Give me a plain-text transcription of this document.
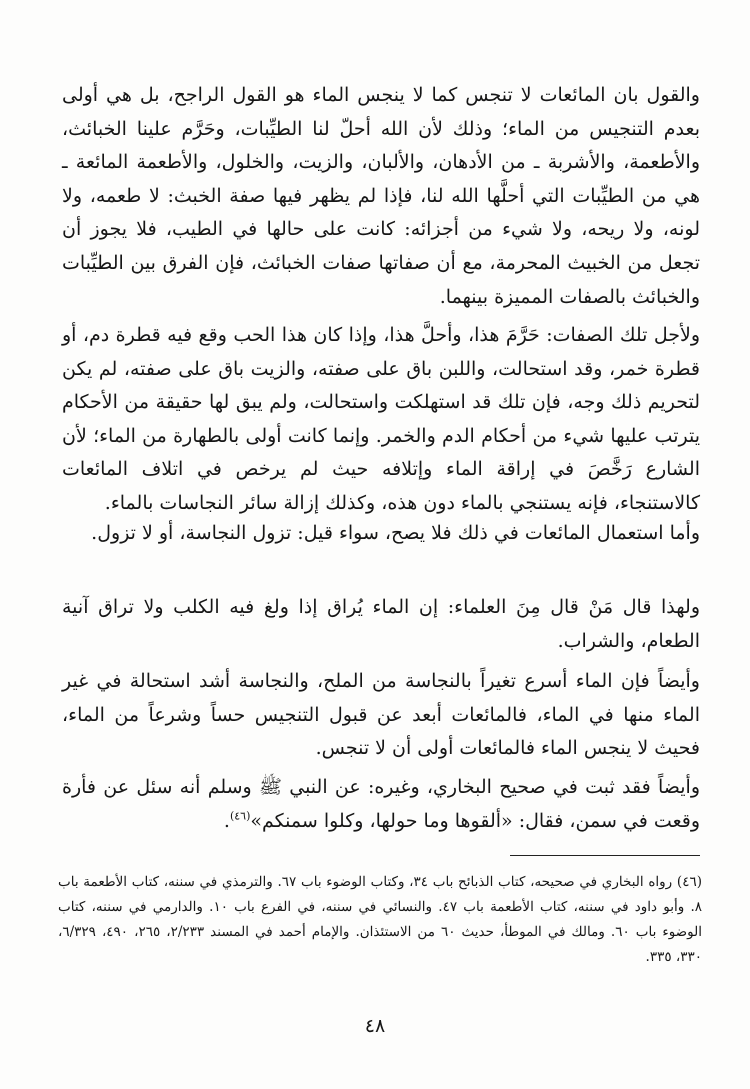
والقول بان المائعات لا تنجس كما لا ينجس الماء هو القول الراجح، بل هي أولى بعدم التنجيس من الماء؛ وذلك لأن الله أحلّ لنا الطيِّبات، وحَرَّم علينا الخبائث، والأطعمة، والأشربة ـ من الأدهان، والألبان، والزيت، والخلول، والأطعمة المائعة ـ هي من الطيِّبات التي أحلَّها الله لنا، فإذا لم يظهر فيها صفة الخبث: لا طعمه، ولا لونه، ولا ريحه، ولا شيء من أجزائه: كانت على حالها في الطيب، فلا يجوز أن تجعل من الخبيث المحرمة، مع أن صفاتها صفات الخبائث، فإن الفرق بين الطيِّبات والخبائث بالصفات المميزة بينهما.

ولأجل تلك الصفات: حَرَّمَ هذا، وأحلَّ هذا، وإذا كان هذا الحب وقع فيه قطرة دم، أو قطرة خمر، وقد استحالت، واللبن باق على صفته، والزيت باق على صفته، لم يكن لتحريم ذلك وجه، فإن تلك قد استهلكت واستحالت، ولم يبق لها حقيقة من الأحكام يترتب عليها شيء من أحكام الدم والخمر. وإنما كانت أولى بالطهارة من الماء؛ لأن الشارع رَخَّصَ في إراقة الماء وإتلافه حيث لم يرخص في اتلاف المائعات كالاستنجاء، فإنه يستنجي بالماء دون هذه، وكذلك إزالة سائر النجاسات بالماء.

وأما استعمال المائعات في ذلك فلا يصح، سواء قيل: تزول النجاسة، أو لا تزول.

ولهذا قال مَنْ قال مِنَ العلماء: إن الماء يُراق إذا ولغ فيه الكلب ولا تراق آنية الطعام، والشراب.

وأيضاً فإن الماء أسرع تغيراً بالنجاسة من الملح، والنجاسة أشد استحالة في غير الماء منها في الماء، فالمائعات أبعد عن قبول التنجيس حساً وشرعاً من الماء، فحيث لا ينجس الماء فالمائعات أولى أن لا تنجس.

وأيضاً فقد ثبت في صحيح البخاري، وغيره: عن النبي ﷺ وسلم أنه سئل عن فأرة وقعت في سمن، فقال: «ألقوها وما حولها، وكلوا سمنكم»$^{(٤٦)}$.

(٤٦) رواه البخاري في صحيحه، كتاب الذبائح باب ٣٤، وكتاب الوضوء باب ٦٧. والترمذي في سننه، كتاب الأطعمة باب ٨. وأبو داود في سننه، كتاب الأطعمة باب ٤٧. والنسائي في سننه، في الفرع باب ١٠. والدارمي في سننه، كتاب الوضوء باب ٦٠. ومالك في الموطأ، حديث ٦٠ من الاستئذان. والإمام أحمد في المسند ٢/٢٣٣، ٢٦٥، ٤٩٠، ٦/٣٢٩، ٣٣٠، ٣٣٥.

٤٨
